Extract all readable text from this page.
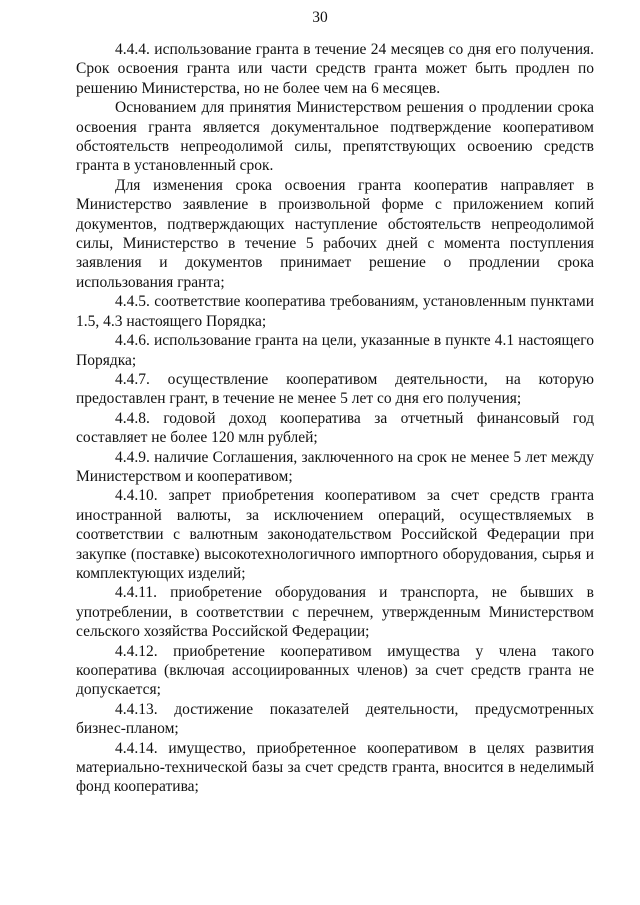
30

4.4.4. использование гранта в течение 24 месяцев со дня его получения. Срок освоения гранта или части средств гранта может быть продлен по решению Министерства, но не более чем на 6 месяцев.

Основанием для принятия Министерством решения о продлении срока освоения гранта является документальное подтверждение кооперативом обстоятельств непреодолимой силы, препятствующих освоению средств гранта в установленный срок.

Для изменения срока освоения гранта кооператив направляет в Министерство заявление в произвольной форме с приложением копий документов, подтверждающих наступление обстоятельств непреодолимой силы, Министерство в течение 5 рабочих дней с момента поступления заявления и документов принимает решение о продлении срока использования гранта;

4.4.5. соответствие кооператива требованиям, установленным пунктами 1.5, 4.3 настоящего Порядка;

4.4.6. использование гранта на цели, указанные в пункте 4.1 настоящего Порядка;

4.4.7. осуществление кооперативом деятельности, на которую предоставлен грант, в течение не менее 5 лет со дня его получения;

4.4.8. годовой доход кооператива за отчетный финансовый год составляет не более 120 млн рублей;

4.4.9. наличие Соглашения, заключенного на срок не менее 5 лет между Министерством и кооперативом;

4.4.10. запрет приобретения кооперативом за счет средств гранта иностранной валюты, за исключением операций, осуществляемых в соответствии с валютным законодательством Российской Федерации при закупке (поставке) высокотехнологичного импортного оборудования, сырья и комплектующих изделий;

4.4.11. приобретение оборудования и транспорта, не бывших в употреблении, в соответствии с перечнем, утвержденным Министерством сельского хозяйства Российской Федерации;

4.4.12. приобретение кооперативом имущества у члена такого кооператива (включая ассоциированных членов) за счет средств гранта не допускается;

4.4.13. достижение показателей деятельности, предусмотренных бизнес-планом;

4.4.14. имущество, приобретенное кооперативом в целях развития материально-технической базы за счет средств гранта, вносится в неделимый фонд кооператива;
